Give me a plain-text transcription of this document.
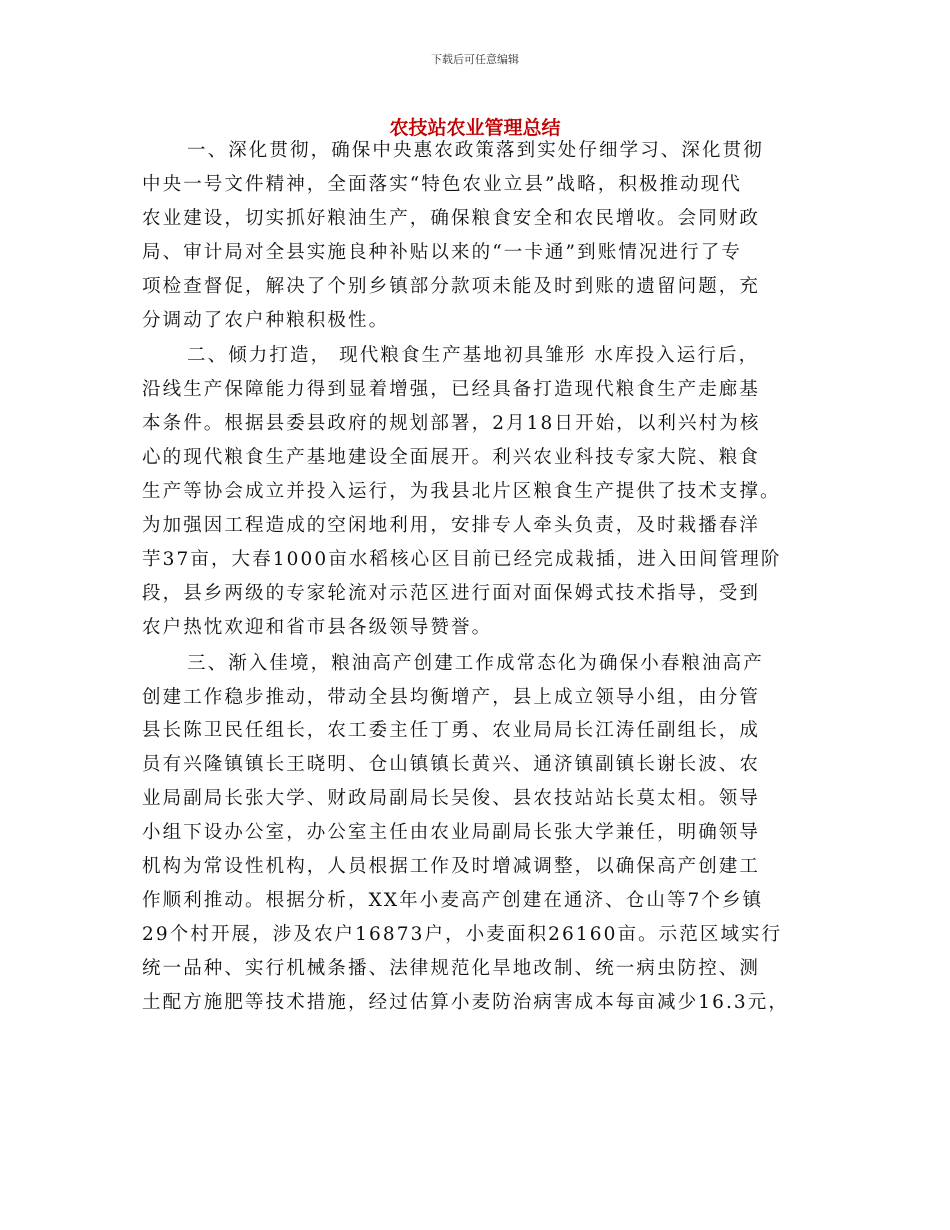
下载后可任意编辑
农技站农业管理总结

一、深化贯彻，确保中央惠农政策落到实处仔细学习、深化贯彻
中央一号文件精神，全面落实“特色农业立县”战略，积极推动现代
农业建设，切实抓好粮油生产，确保粮食安全和农民增收。会同财政
局、审计局对全县实施良种补贴以来的“一卡通”到账情况进行了专
项检查督促，解决了个别乡镇部分款项未能及时到账的遗留问题，充
分调动了农户种粮积极性。

二、倾力打造， 现代粮食生产基地初具雏形 水库投入运行后，
沿线生产保障能力得到显着增强，已经具备打造现代粮食生产走廊基
本条件。根据县委县政府的规划部署，2月18日开始，以利兴村为核
心的现代粮食生产基地建设全面展开。利兴农业科技专家大院、粮食
生产等协会成立并投入运行，为我县北片区粮食生产提供了技术支撑。
为加强因工程造成的空闲地利用，安排专人牵头负责，及时栽播春洋
芋37亩，大春1000亩水稻核心区目前已经完成栽插，进入田间管理阶
段，县乡两级的专家轮流对示范区进行面对面保姆式技术指导，受到
农户热忱欢迎和省市县各级领导赞誉。

三、渐入佳境，粮油高产创建工作成常态化为确保小春粮油高产
创建工作稳步推动，带动全县均衡增产，县上成立领导小组，由分管
县长陈卫民任组长，农工委主任丁勇、农业局局长江涛任副组长，成
员有兴隆镇镇长王晓明、仓山镇镇长黄兴、通济镇副镇长谢长波、农
业局副局长张大学、财政局副局长吴俊、县农技站站长莫太相。领导
小组下设办公室，办公室主任由农业局副局长张大学兼任，明确领导
机构为常设性机构，人员根据工作及时增减调整，以确保高产创建工
作顺利推动。根据分析，XX年小麦高产创建在通济、仓山等7个乡镇
29个村开展，涉及农户16873户，小麦面积26160亩。示范区域实行
统一品种、实行机械条播、法律规范化旱地改制、统一病虫防控、测
土配方施肥等技术措施，经过估算小麦防治病害成本每亩减少16.3元，
